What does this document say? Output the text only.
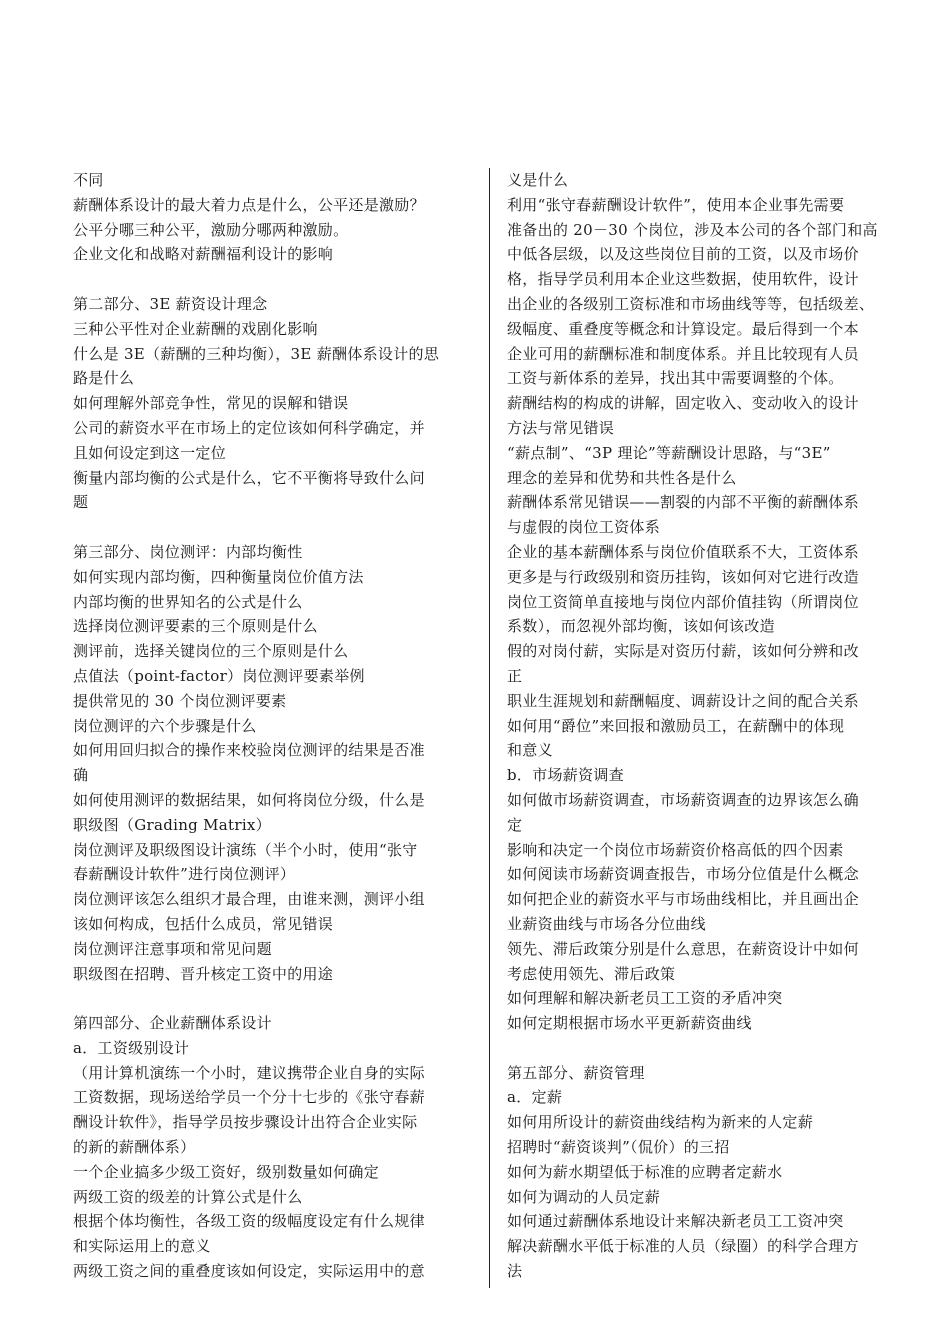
不同
薪酬体系设计的最大着力点是什么，公平还是激励？
公平分哪三种公平，激励分哪两种激励。
企业文化和战略对薪酬福利设计的影响
第二部分、3E 薪资设计理念
三种公平性对企业薪酬的戏剧化影响
什么是 3E（薪酬的三种均衡），3E 薪酬体系设计的思
路是什么
如何理解外部竞争性，常见的误解和错误
公司的薪资水平在市场上的定位该如何科学确定，并
且如何设定到这一定位
衡量内部均衡的公式是什么，它不平衡将导致什么问
题
第三部分、岗位测评：内部均衡性
如何实现内部均衡，四种衡量岗位价值方法
内部均衡的世界知名的公式是什么
选择岗位测评要素的三个原则是什么
测评前，选择关键岗位的三个原则是什么
点值法（point-factor）岗位测评要素举例
提供常见的 30 个岗位测评要素
岗位测评的六个步骤是什么
如何用回归拟合的操作来校验岗位测评的结果是否准
确
如何使用测评的数据结果，如何将岗位分级，什么是
职级图（Grading Matrix）
岗位测评及职级图设计演练（半个小时，使用“张守
春薪酬设计软件”进行岗位测评）
岗位测评该怎么组织才最合理，由谁来测，测评小组
该如何构成，包括什么成员，常见错误
岗位测评注意事项和常见问题
职级图在招聘、晋升核定工资中的用途
第四部分、企业薪酬体系设计
a．工资级别设计
（用计算机演练一个小时，建议携带企业自身的实际
工资数据，现场送给学员一个分十七步的《张守春薪
酬设计软件》，指导学员按步骤设计出符合企业实际
的新的薪酬体系）
一个企业搞多少级工资好，级别数量如何确定
两级工资的级差的计算公式是什么
根据个体均衡性，各级工资的级幅度设定有什么规律
和实际运用上的意义
两级工资之间的重叠度该如何设定，实际运用中的意
义是什么
利用“张守春薪酬设计软件”，使用本企业事先需要
准备出的 20－30 个岗位，涉及本公司的各个部门和高
中低各层级，以及这些岗位目前的工资，以及市场价
格，指导学员利用本企业这些数据，使用软件，设计
出企业的各级别工资标准和市场曲线等等，包括级差、
级幅度、重叠度等概念和计算设定。最后得到一个本
企业可用的薪酬标准和制度体系。并且比较现有人员
工资与新体系的差异，找出其中需要调整的个体。
薪酬结构的构成的讲解，固定收入、变动收入的设计
方法与常见错误
“薪点制”、“3P 理论”等薪酬设计思路，与“3E”
理念的差异和优势和共性各是什么
薪酬体系常见错误——割裂的内部不平衡的薪酬体系
与虚假的岗位工资体系
企业的基本薪酬体系与岗位价值联系不大，工资体系
更多是与行政级别和资历挂钩，该如何对它进行改造
岗位工资简单直接地与岗位内部价值挂钩（所谓岗位
系数），而忽视外部均衡，该如何该改造
假的对岗付薪，实际是对资历付薪，该如何分辨和改
正
职业生涯规划和薪酬幅度、调薪设计之间的配合关系
如何用“爵位”来回报和激励员工，在薪酬中的体现
和意义
b．市场薪资调查
如何做市场薪资调查，市场薪资调查的边界该怎么确
定
影响和决定一个岗位市场薪资价格高低的四个因素
如何阅读市场薪资调查报告，市场分位值是什么概念
如何把企业的薪资水平与市场曲线相比，并且画出企
业薪资曲线与市场各分位曲线
领先、滞后政策分别是什么意思，在薪资设计中如何
考虑使用领先、滞后政策
如何理解和解决新老员工工资的矛盾冲突
如何定期根据市场水平更新薪资曲线
第五部分、薪资管理
a．定薪
如何用所设计的薪资曲线结构为新来的人定薪
招聘时“薪资谈判”（侃价）的三招
如何为薪水期望低于标准的应聘者定薪水
如何为调动的人员定薪
如何通过薪酬体系地设计来解决新老员工工资冲突
解决薪酬水平低于标准的人员（绿圈）的科学合理方
法
